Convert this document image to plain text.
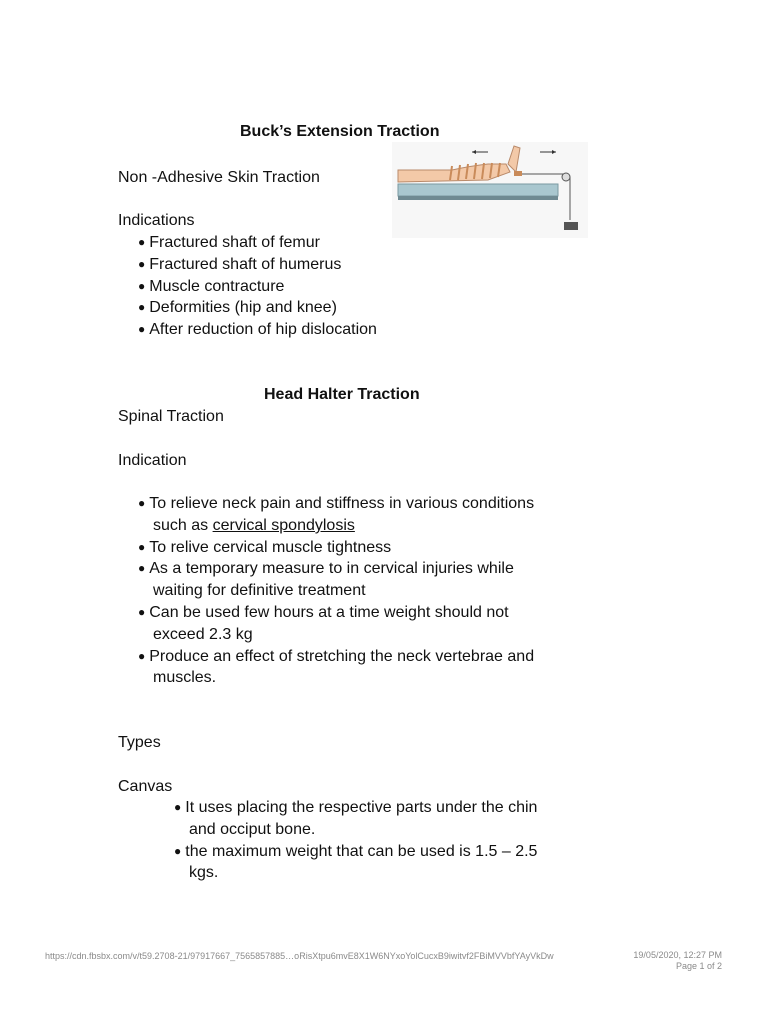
Buck’s Extension Traction
Non -Adhesive Skin Traction
Indications
● Fractured shaft of femur
● Fractured shaft of humerus
● Muscle contracture
● Deformities (hip and knee)
● After reduction of hip dislocation
Head Halter Traction
Spinal Traction
Indication
● To relieve neck pain and stiffness in various conditions
such as cervical spondylosis
● To relive cervical muscle tightness
● As a temporary measure to in cervical injuries while
waiting for definitive treatment
● Can be used few hours at a time weight should not
exceed 2.3 kg
● Produce an effect of stretching the neck vertebrae and
muscles.
Types
Canvas
● It uses placing the respective parts under the chin
and occiput bone.
● the maximum weight that can be used is 1.5 – 2.5
kgs.
https://cdn.fbsbx.com/v/t59.2708-21/97917667_7565857885…oRisXtpu6mvE8X1W6NYxoYolCucxB9iwitvf2FBiMVVbfYAyVkDw	19/05/2020, 12:27 PM
Page 1 of 2
